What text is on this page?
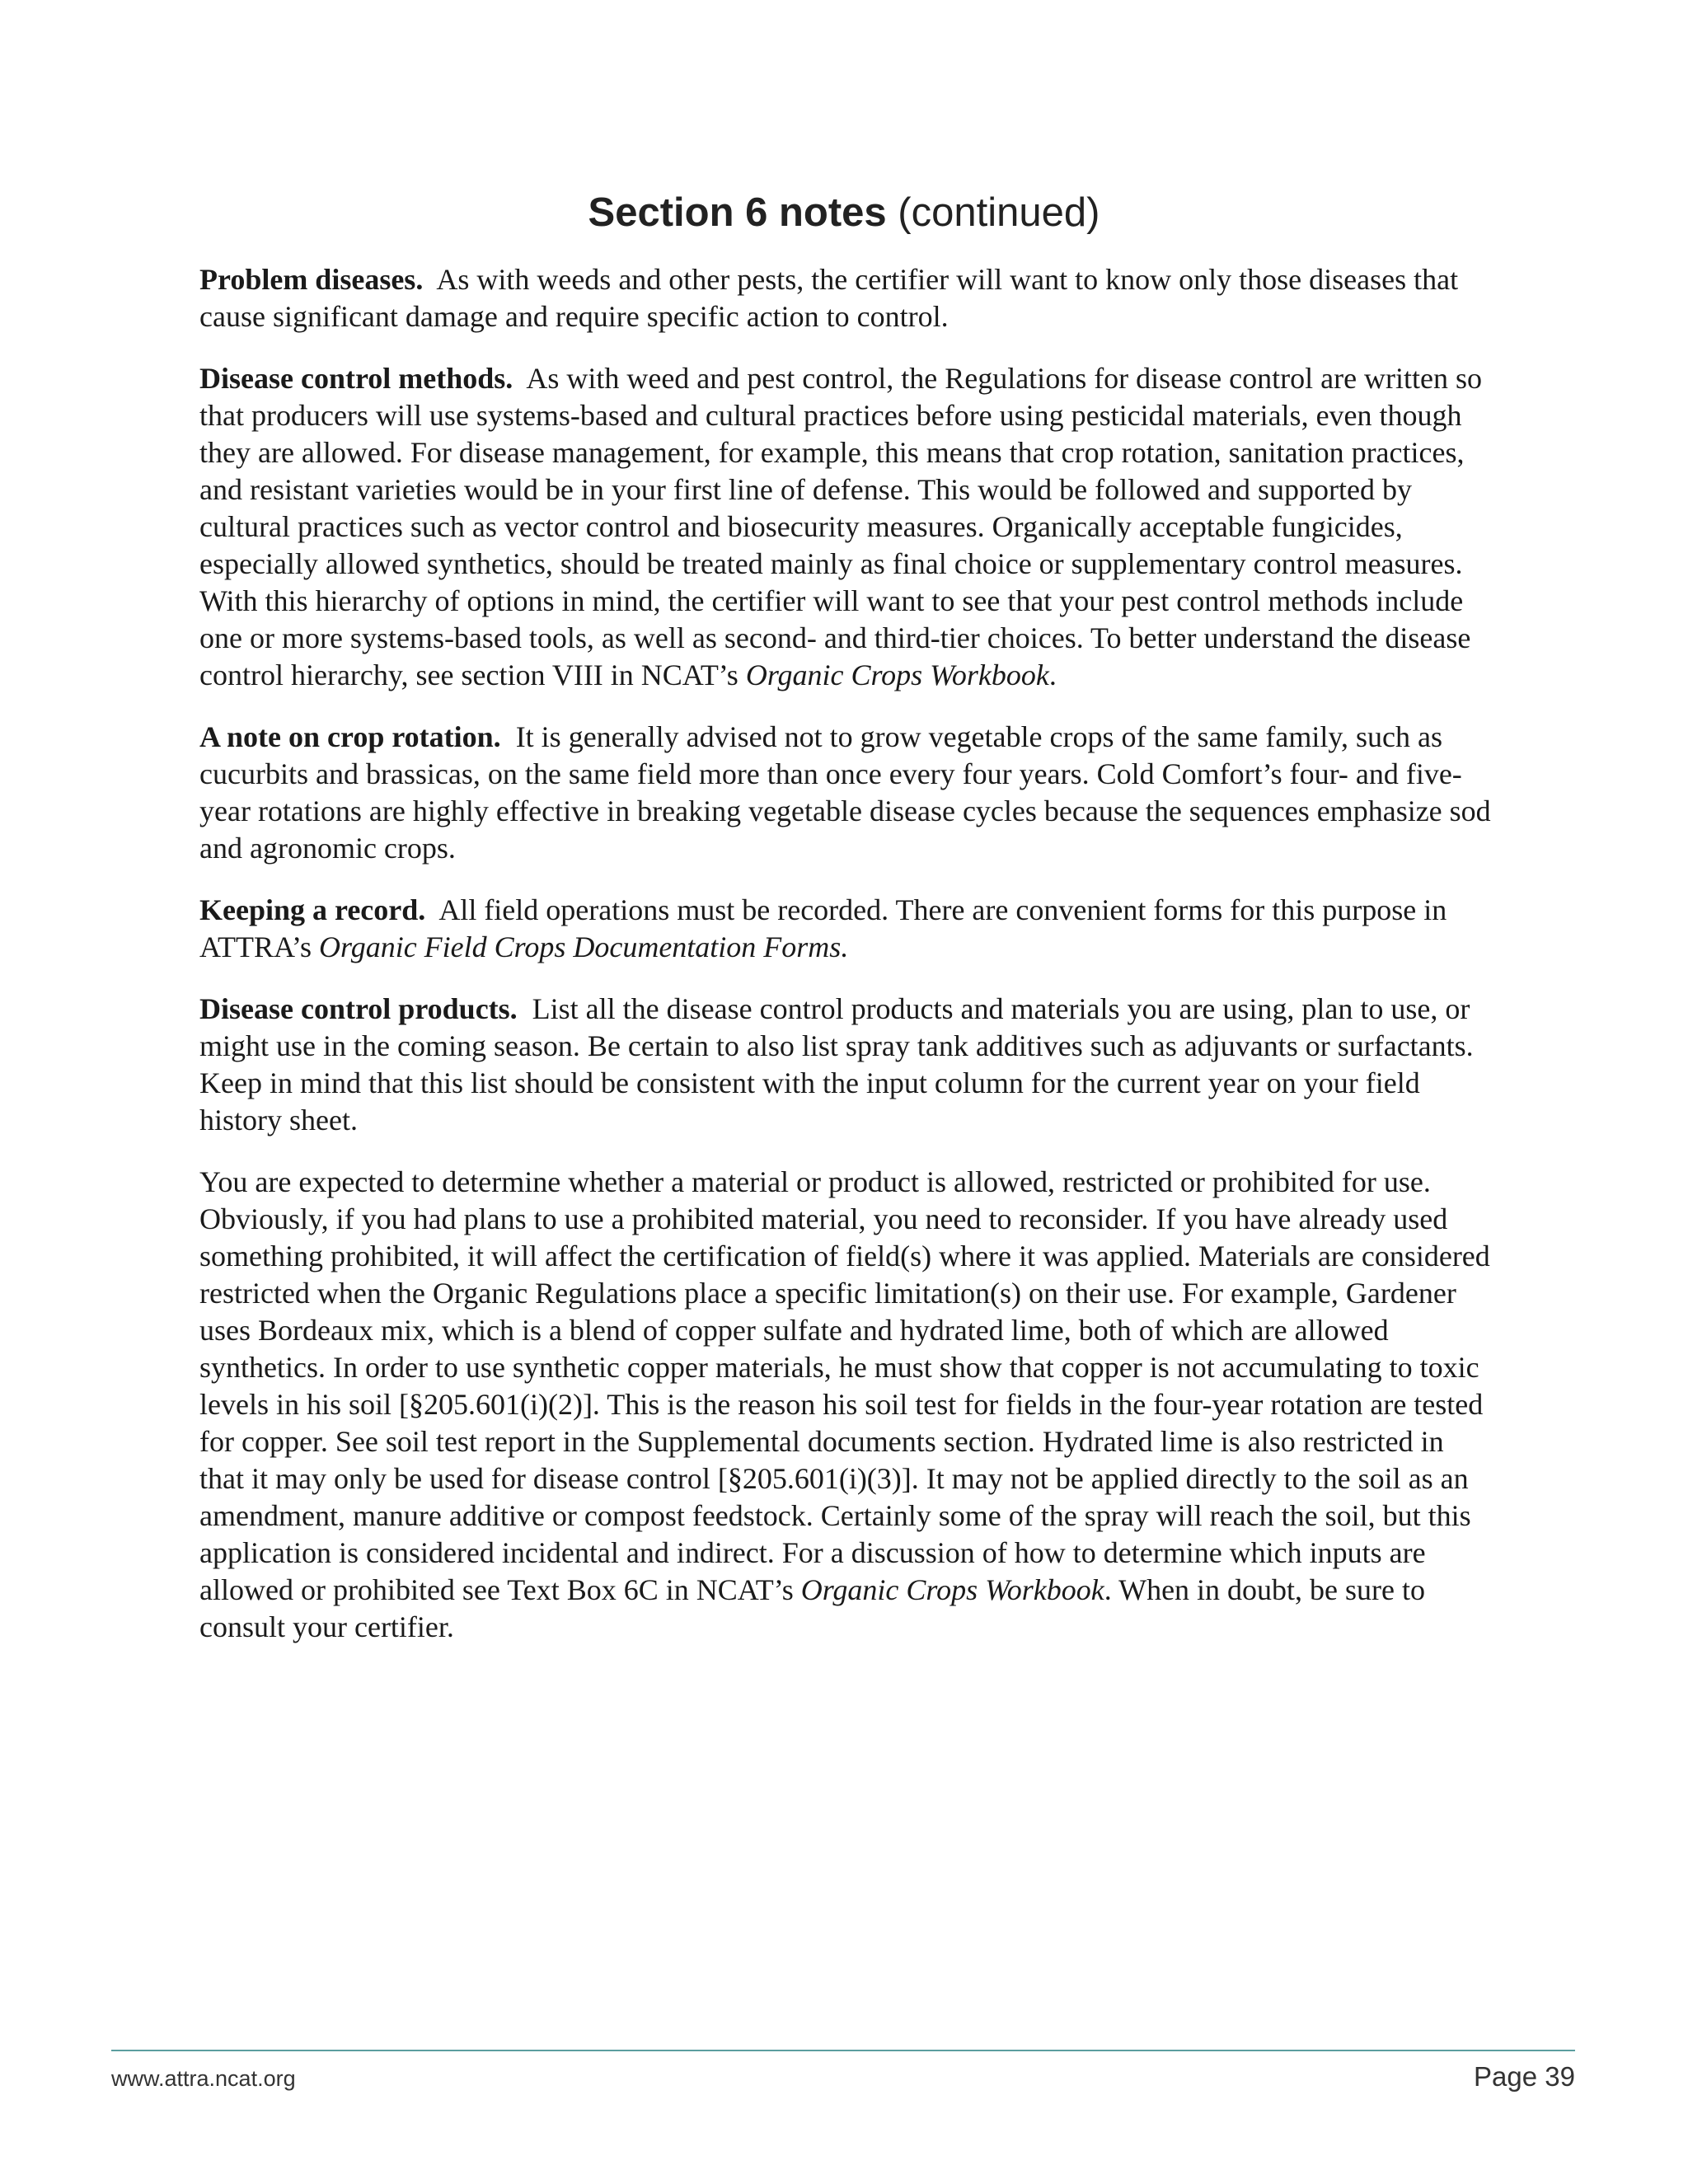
Section 6 notes (continued)

Problem diseases. As with weeds and other pests, the certifier will want to know only those diseases that cause significant damage and require specific action to control.

Disease control methods. As with weed and pest control, the Regulations for disease control are written so that producers will use systems-based and cultural practices before using pesticidal materials, even though they are allowed. For disease management, for example, this means that crop rotation, sanitation practices, and resistant varieties would be in your first line of defense. This would be followed and supported by cultural practices such as vector control and biosecurity measures. Organically acceptable fungicides, especially allowed synthetics, should be treated mainly as final choice or supplementary control measures. With this hierarchy of options in mind, the certifier will want to see that your pest control methods include one or more systems-based tools, as well as second- and third-tier choices. To better understand the disease control hierarchy, see section VIII in NCAT’s Organic Crops Workbook.

A note on crop rotation. It is generally advised not to grow vegetable crops of the same family, such as cucurbits and brassicas, on the same field more than once every four years. Cold Comfort’s four- and five-year rotations are highly effective in breaking vegetable disease cycles because the sequences emphasize sod and agronomic crops.

Keeping a record. All field operations must be recorded. There are convenient forms for this purpose in ATTRA’s Organic Field Crops Documentation Forms.

Disease control products. List all the disease control products and materials you are using, plan to use, or might use in the coming season. Be certain to also list spray tank additives such as adjuvants or surfactants. Keep in mind that this list should be consistent with the input column for the current year on your field history sheet.

You are expected to determine whether a material or product is allowed, restricted or prohibited for use. Obviously, if you had plans to use a prohibited material, you need to reconsider. If you have already used something prohibited, it will affect the certification of field(s) where it was applied. Materials are considered restricted when the Organic Regulations place a specific limitation(s) on their use. For example, Gardener uses Bordeaux mix, which is a blend of copper sulfate and hydrated lime, both of which are allowed synthetics. In order to use synthetic copper materials, he must show that copper is not accumulating to toxic levels in his soil [§205.601(i)(2)]. This is the reason his soil test for fields in the four-year rotation are tested for copper. See soil test report in the Supplemental documents section. Hydrated lime is also restricted in that it may only be used for disease control [§205.601(i)(3)]. It may not be applied directly to the soil as an amendment, manure additive or compost feedstock. Certainly some of the spray will reach the soil, but this application is considered incidental and indirect. For a discussion of how to determine which inputs are allowed or prohibited see Text Box 6C in NCAT’s Organic Crops Workbook. When in doubt, be sure to consult your certifier.

www.attra.ncat.org	Page 39
